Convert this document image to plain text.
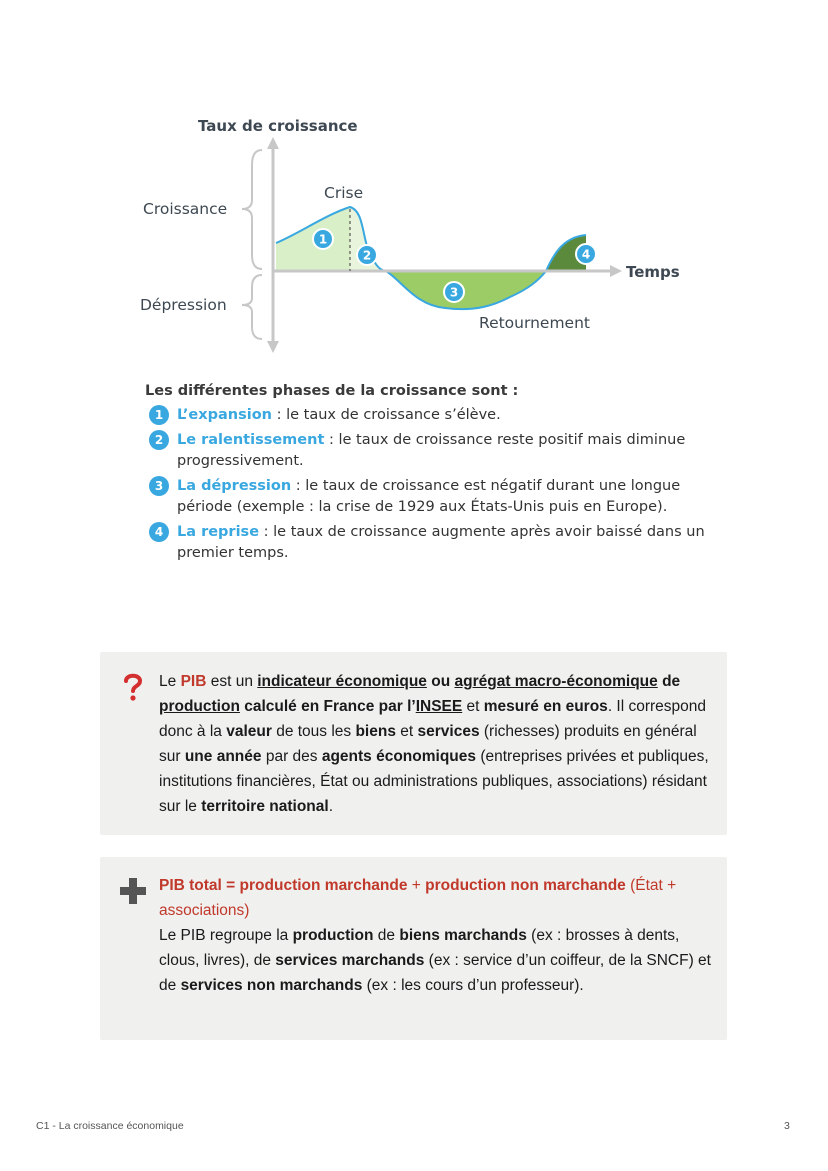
1
2
3
4
Taux de croissance
Croissance
Dépression
Crise
Temps
Retournement

Les différentes phases de la croissance sont :

1 L’expansion : le taux de croissance s’élève.
2 Le ralentissement : le taux de croissance reste positif mais diminue progressivement.
3 La dépression : le taux de croissance est négatif durant une longue période (exemple : la crise de 1929 aux États-Unis puis en Europe).
4 La reprise : le taux de croissance augmente après avoir baissé dans un premier temps.
Le PIB est un indicateur économique ou agrégat macro-économique de production calculé en France par l’INSEE et mesuré en euros. Il correspond donc à la valeur de tous les biens et services (richesses) produits en général sur une année par des agents économiques (entreprises privées et publiques, institutions financières, État ou administrations publiques, associations) résidant sur le territoire national.
PIB total = production marchande + production non marchande (État + associations)
Le PIB regroupe la production de biens marchands (ex : brosses à dents, clous, livres), de services marchands (ex : service d’un coiffeur, de la SNCF) et de services non marchands (ex : les cours d’un professeur).
C1 - La croissance économique	3
